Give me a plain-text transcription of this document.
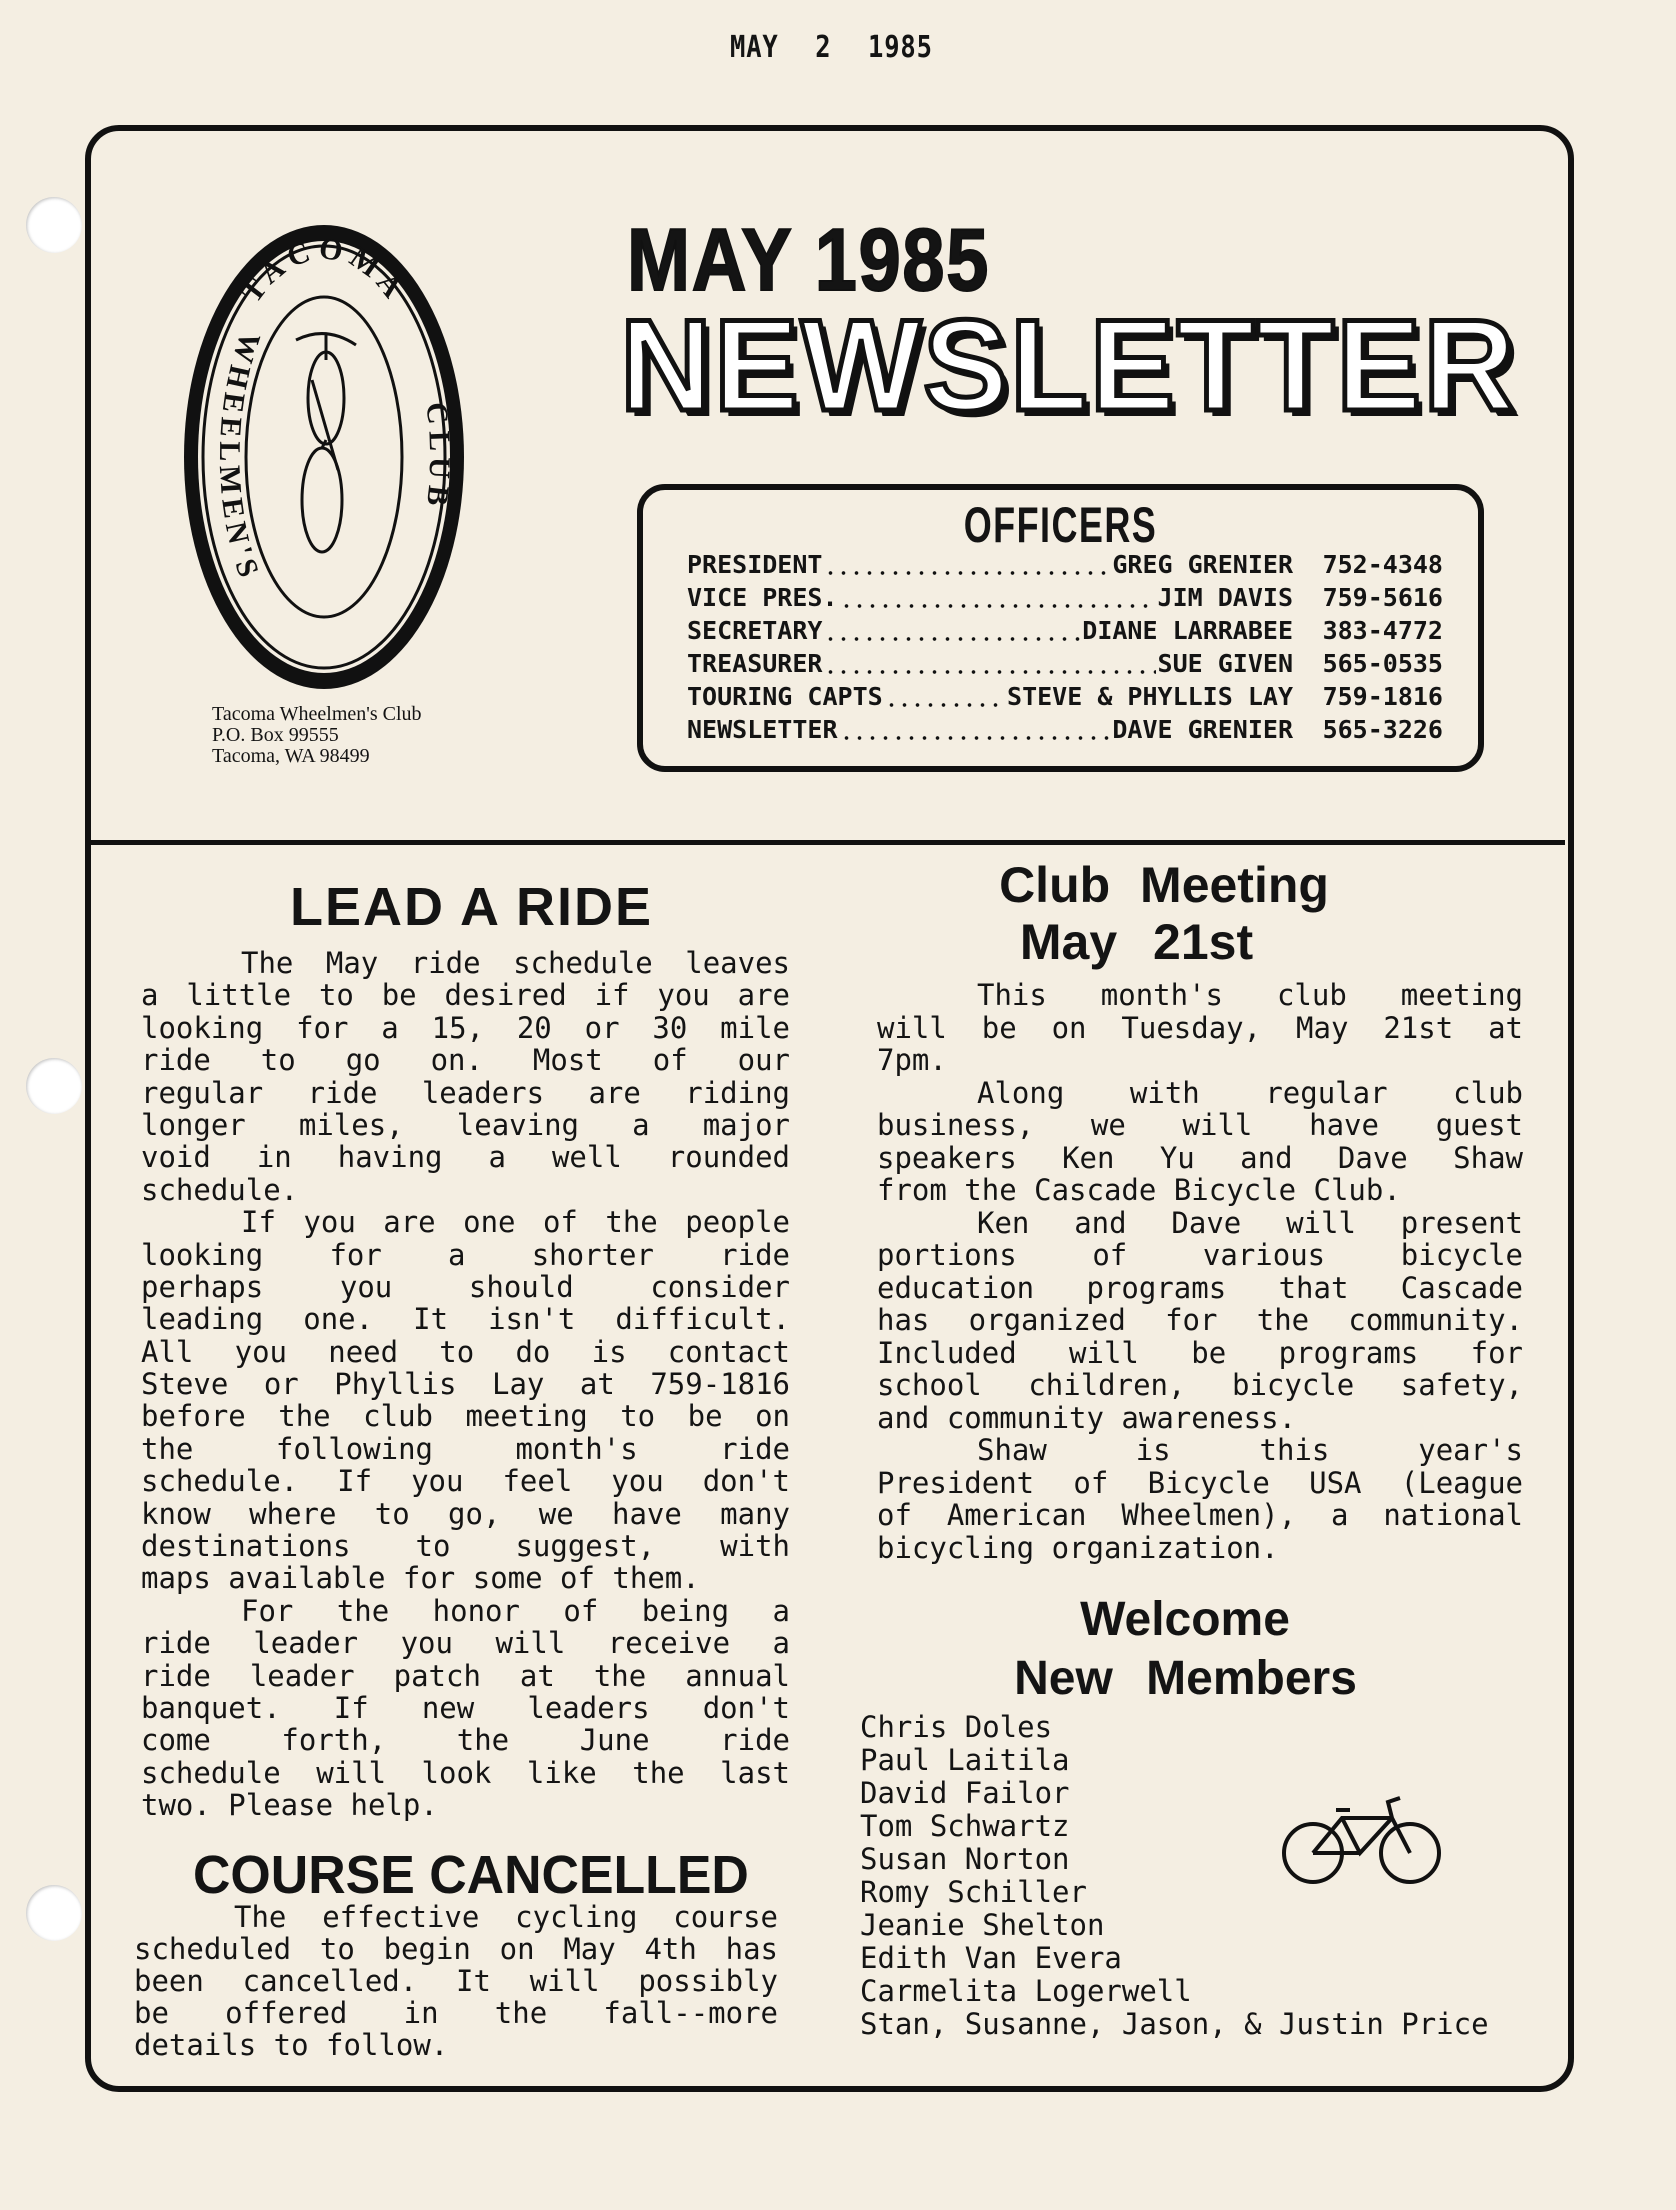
MAY 2 1985
TACOMA
CLUB
WHEELMEN'S
Tacoma Wheelmen's Club
P.O. Box 99555
Tacoma, WA 98499
MAY 1985
NEWSLETTER
OFFICERS
PRESIDENT	GREG GRENIER	752-4348
VICE PRES.	JIM DAVIS	759-5616
SECRETARY	DIANE LARRABEE	383-4772
TREASURER	SUE GIVEN	565-0535
TOURING CAPTS	STEVE & PHYLLIS LAY	759-1816
NEWSLETTER	DAVE GRENIER	565-3226
LEAD A RIDE
The May ride schedule leaves
a little to be desired if you are
looking for a 15, 20 or 30 mile
ride to go on. Most of our
regular ride leaders are riding
longer miles, leaving a major
void in having a well rounded
schedule.
If you are one of the people
looking for a shorter ride
perhaps you should consider
leading one. It isn't difficult.
All you need to do is contact
Steve or Phyllis Lay at 759-1816
before the club meeting to be on
the following month's ride
schedule. If you feel you don't
know where to go, we have many
destinations to suggest, with
maps available for some of them.
For the honor of being a
ride leader you will receive a
ride leader patch at the annual
banquet. If new leaders don't
come forth, the June ride
schedule will look like the last
two. Please help.
COURSE CANCELLED
The effective cycling course
scheduled to begin on May 4th has
been cancelled. It will possibly
be offered in the fall--more
details to follow.
Club Meeting
May 21st
This month's club meeting
will be on Tuesday, May 21st at
7pm.
Along with regular club
business, we will have guest
speakers Ken Yu and Dave Shaw
from the Cascade Bicycle Club.
Ken and Dave will present
portions of various bicycle
education programs that Cascade
has organized for the community.
Included will be programs for
school children, bicycle safety,
and community awareness.
Shaw is this year's
President of Bicycle USA (League
of American Wheelmen), a national
bicycling organization.
Welcome
New Members
Chris Doles
Paul Laitila
David Failor
Tom Schwartz
Susan Norton
Romy Schiller
Jeanie Shelton
Edith Van Evera
Carmelita Logerwell
Stan, Susanne, Jason, & Justin Price
